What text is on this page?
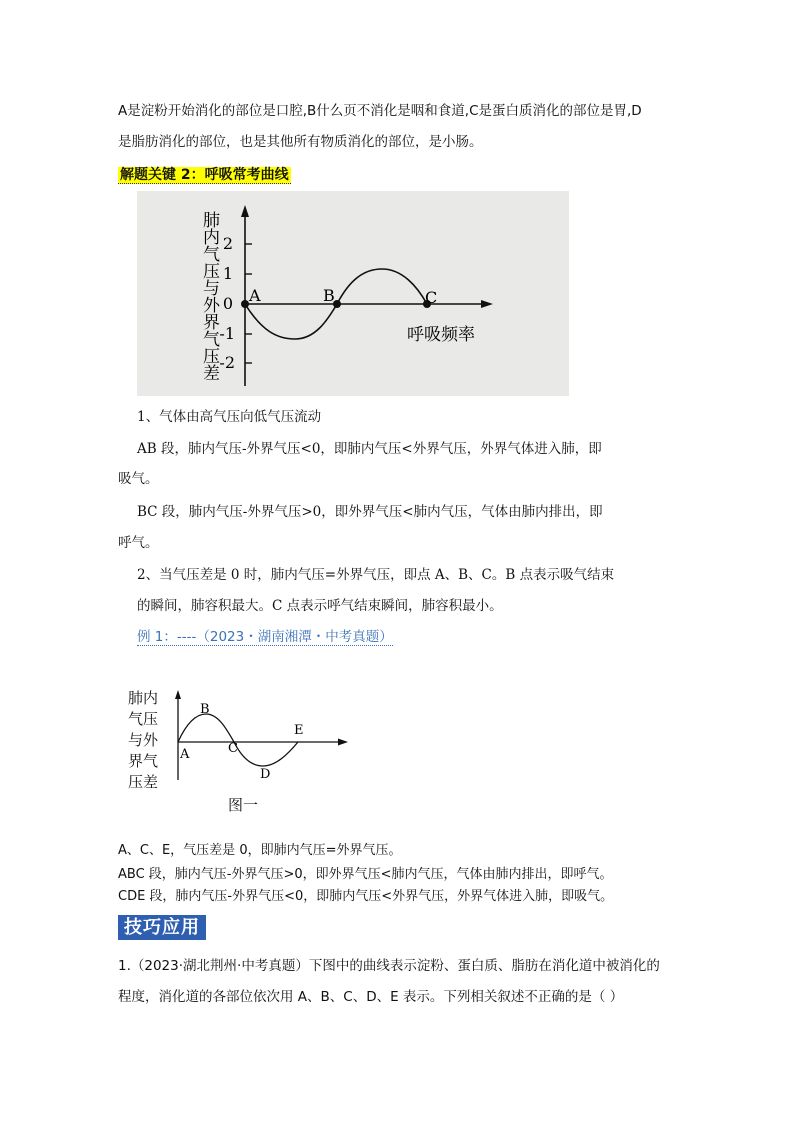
A是淀粉开始消化的部位是口腔,B什么页不消化是咽和食道,C是蛋白质消化的部位是胃,D
是脂肪消化的部位，也是其他所有物质消化的部位，是小肠。
解题关键 2：呼吸常考曲线
2
1
0
-1
-2
肺内气压与外界气压差 A	B	C
呼吸频率
1、气体由高气压向低气压流动
AB 段，肺内气压-外界气压<0，即肺内气压<外界气压，外界气体进入肺，即
吸气。
BC 段，肺内气压-外界气压>0，即外界气压<肺内气压，气体由肺内排出，即
呼气。
2、当气压差是 0 时，肺内气压=外界气压，即点 A、B、C。B 点表示吸气结束
的瞬间，肺容积最大。C 点表示呼气结束瞬间，肺容积最小。
例 1：----（2023・湖南湘潭・中考真题）
肺内
气压
与外
界气
压差
A
B
C
D
E
图一
A、C、E，气压差是 0，即肺内气压=外界气压。
ABC 段，肺内气压-外界气压>0，即外界气压<肺内气压，气体由肺内排出，即呼气。
CDE 段，肺内气压-外界气压<0，即肺内气压<外界气压，外界气体进入肺，即吸气。
技巧应用
1.（2023·湖北荆州·中考真题）下图中的曲线表示淀粉、蛋白质、脂肪在消化道中被消化的
程度，消化道的各部位依次用 A、B、C、D、E 表示。下列相关叙述不正确的是（ ）
